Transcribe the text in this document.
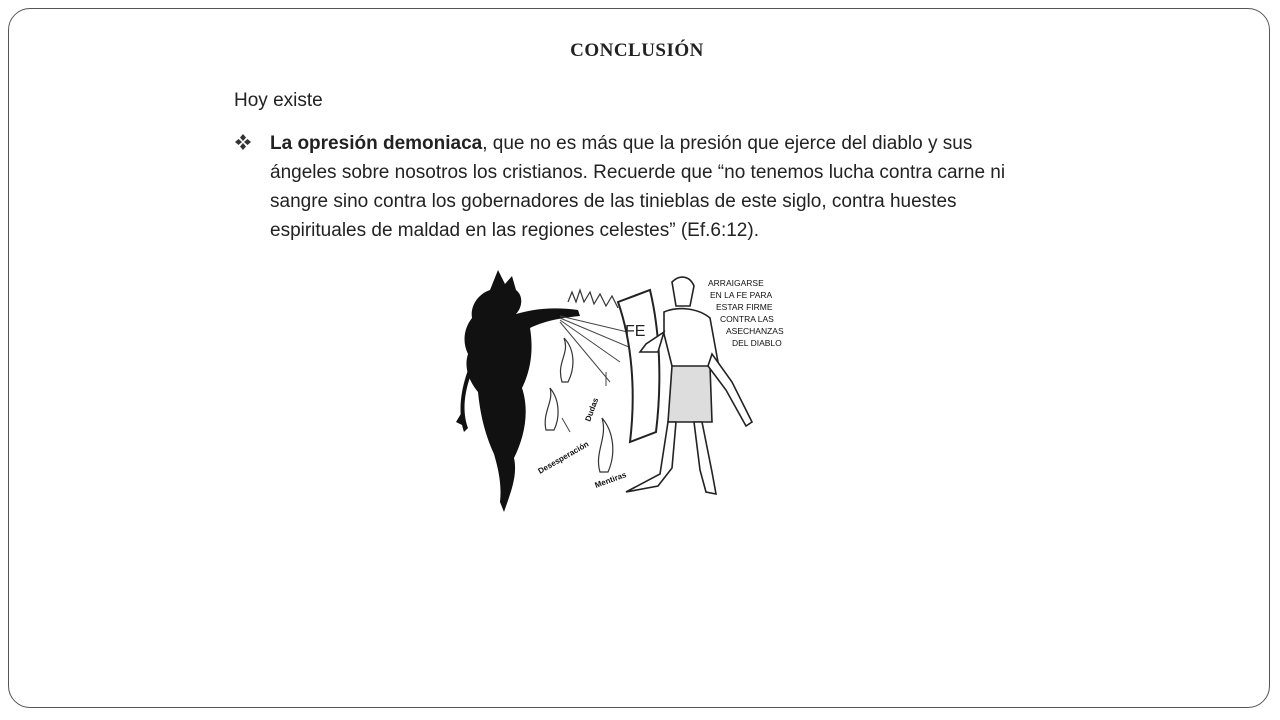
CONCLUSIÓN
Hoy existe
La opresión demoniaca, que no es más que la presión que ejerce del diablo y sus ángeles sobre nosotros los cristianos. Recuerde que “no tenemos lucha contra carne ni sangre sino contra los gobernadores de las tinieblas de este siglo, contra huestes espirituales de maldad en las regiones celestes” (Ef.6:12).
FE
ARRAIGARSE
EN LA FE PARA
ESTAR FIRME
CONTRA LAS
ASECHANZAS
DEL DIABLO
Dudas
Desesperación
Mentiras
